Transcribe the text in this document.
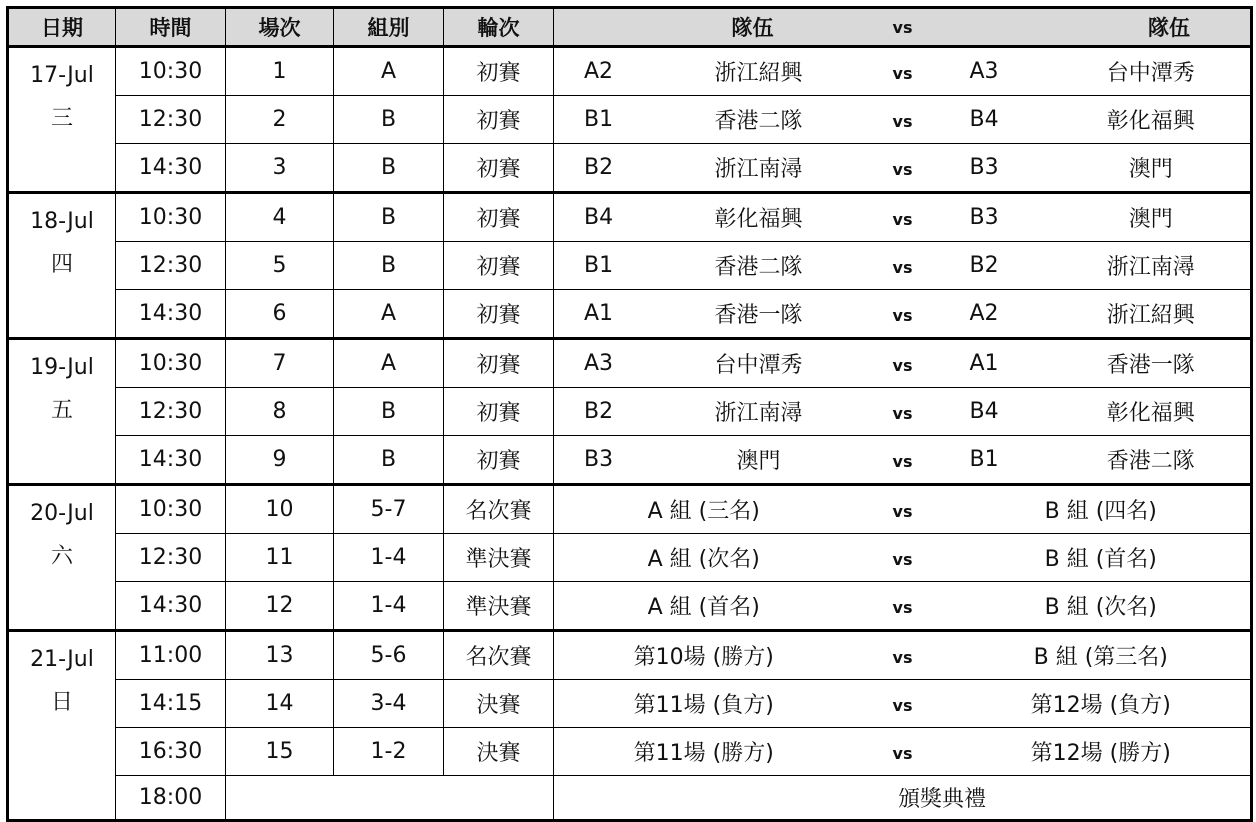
日期	時間	場次	組別	輪次	隊伍		vs	隊伍	

17-Jul
三	10:30	1	A	初賽	A2	浙江紹興	vs	A3	台中潭秀
	12:30	2	B	初賽	B1	香港二隊	vs	B4	彰化福興
	14:30	3	B	初賽	B2	浙江南潯	vs	B3	澳門

18-Jul
四	10:30	4	B	初賽	B4	彰化福興	vs	B3	澳門
	12:30	5	B	初賽	B1	香港二隊	vs	B2	浙江南潯
	14:30	6	A	初賽	A1	香港一隊	vs	A2	浙江紹興

19-Jul
五	10:30	7	A	初賽	A3	台中潭秀	vs	A1	香港一隊
	12:30	8	B	初賽	B2	浙江南潯	vs	B4	彰化福興
	14:30	9	B	初賽	B3	澳門	vs	B1	香港二隊

20-Jul
六	10:30	10	5-7	名次賽	A 組 (三名)		vs	B 組 (四名)	
	12:30	11	1-4	準決賽	A 組 (次名)		vs	B 組 (首名)	
	14:30	12	1-4	準決賽	A 組 (首名)		vs	B 組 (次名)	

21-Jul
日	11:00	13	5-6	名次賽	第10場 (勝方)		vs	B 組 (第三名)	
	14:15	14	3-4	決賽	第11場 (負方)		vs	第12場 (負方)	
	16:30	15	1-2	決賽	第11場 (勝方)		vs	第12場 (勝方)	
	18:00				頒獎典禮				
